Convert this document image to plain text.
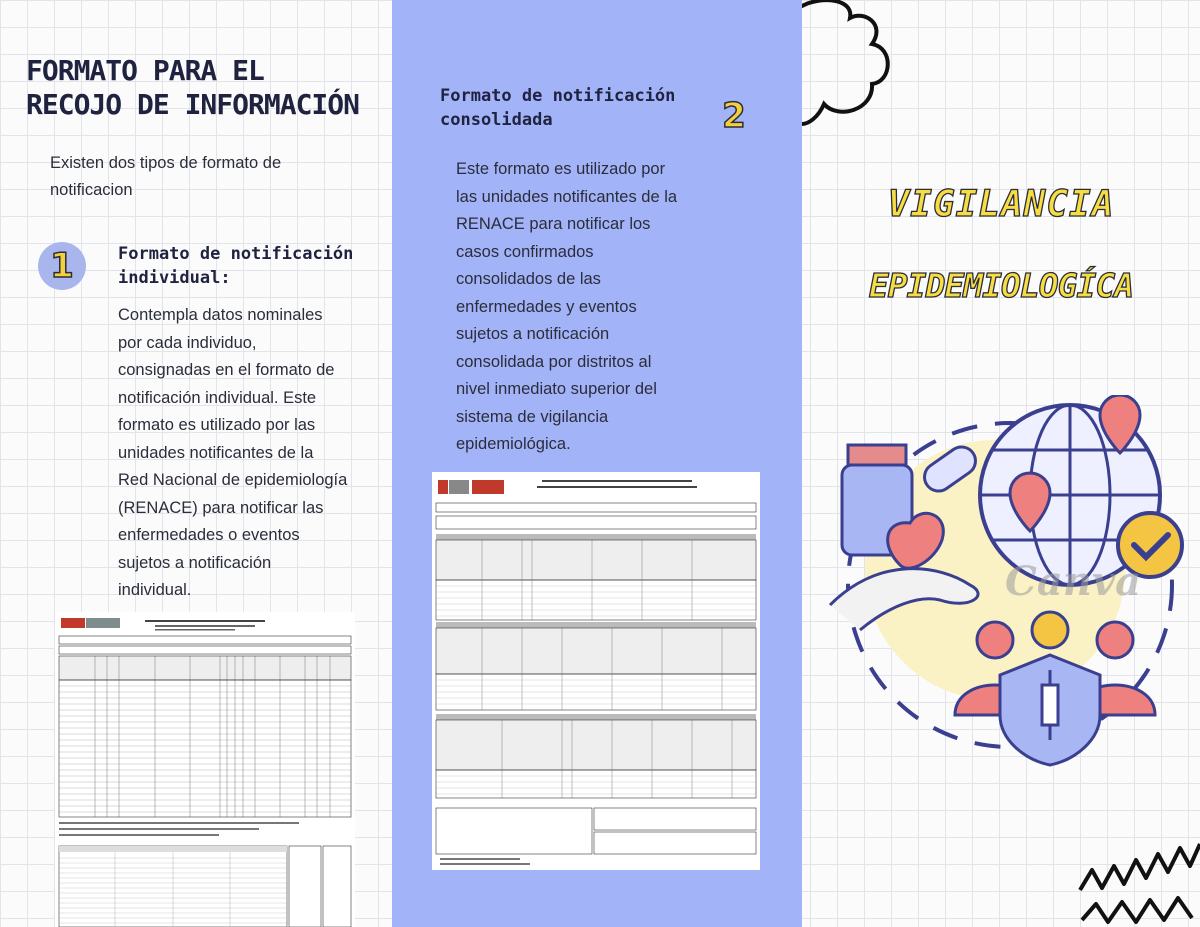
FORMATO PARA EL
RECOJO DE INFORMACIÓN
Existen dos tipos de formato de notificacion
1	Formato de notificación
individual:
Contempla datos nominales
por cada individuo,
consignadas en el formato de
notificación individual. Este
formato es utilizado por las
unidades notificantes de la
Red Nacional de epidemiología
(RENACE) para notificar las
enfermedades o eventos
sujetos a notificación
individual.
Formato de notificación
consolidada	2
Este formato es utilizado por
las unidades notificantes de la
RENACE para notificar los
casos confirmados
consolidados de las
enfermedades y eventos
sujetos a notificación
consolidada por distritos al
nivel inmediato superior del
sistema de vigilancia
epidemiológica.
VIGILANCIA
EPIDEMIOLOGÍCA
Canva
